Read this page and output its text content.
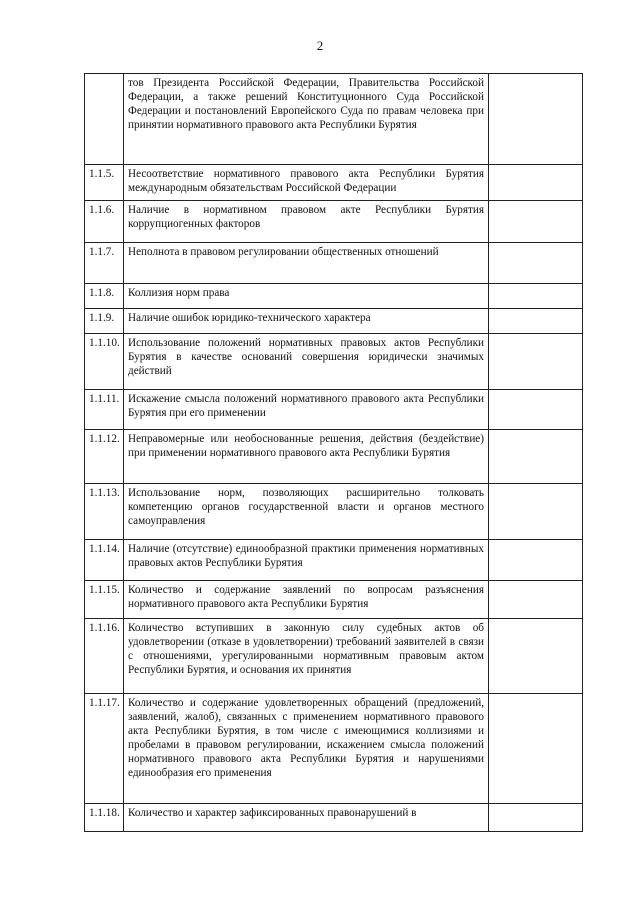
2
	тов Президента Российской Федерации, Правительства Российской Федерации, а также решений Конституционного Суда Российской Федерации и постановлений Европейского Суда по правам человека при принятии нормативного правового акта Республики Бурятия	
1.1.5.	Несоответствие нормативного правового акта Республики Бурятия международным обязательствам Российской Федерации	
1.1.6.	Наличие в нормативном правовом акте Республики Бурятия коррупциогенных факторов	
1.1.7.	Неполнота в правовом регулировании общественных отношений	
1.1.8.	Коллизия норм права	
1.1.9.	Наличие ошибок юридико-технического характера	
1.1.10.	Использование положений нормативных правовых актов Республики Бурятия в качестве оснований совершения юридически значимых действий	
1.1.11.	Искажение смысла положений нормативного правового акта Республики Бурятия при его применении	
1.1.12.	Неправомерные или необоснованные решения, действия (бездействие) при применении нормативного правового акта Республики Бурятия	
1.1.13.	Использование норм, позволяющих расширительно толковать компетенцию органов государственной власти и органов местного самоуправления	
1.1.14.	Наличие (отсутствие) единообразной практики применения нормативных правовых актов Республики Бурятия	
1.1.15.	Количество и содержание заявлений по вопросам разъяснения нормативного правового акта Республики Бурятия	
1.1.16.	Количество вступивших в законную силу судебных актов об удовлетворении (отказе в удовлетворении) требований заявителей в связи с отношениями, урегулированными нормативным правовым актом Республики Бурятия, и основания их принятия	
1.1.17.	Количество и содержание удовлетворенных обращений (предложений, заявлений, жалоб), связанных с применением нормативного правового акта Республики Бурятия, в том числе с имеющимися коллизиями и пробелами в правовом регулировании, искажением смысла положений нормативного правового акта Республики Бурятия и нарушениями единообразия его применения	
1.1.18.	Количество и характер зафиксированных правонарушений в	
